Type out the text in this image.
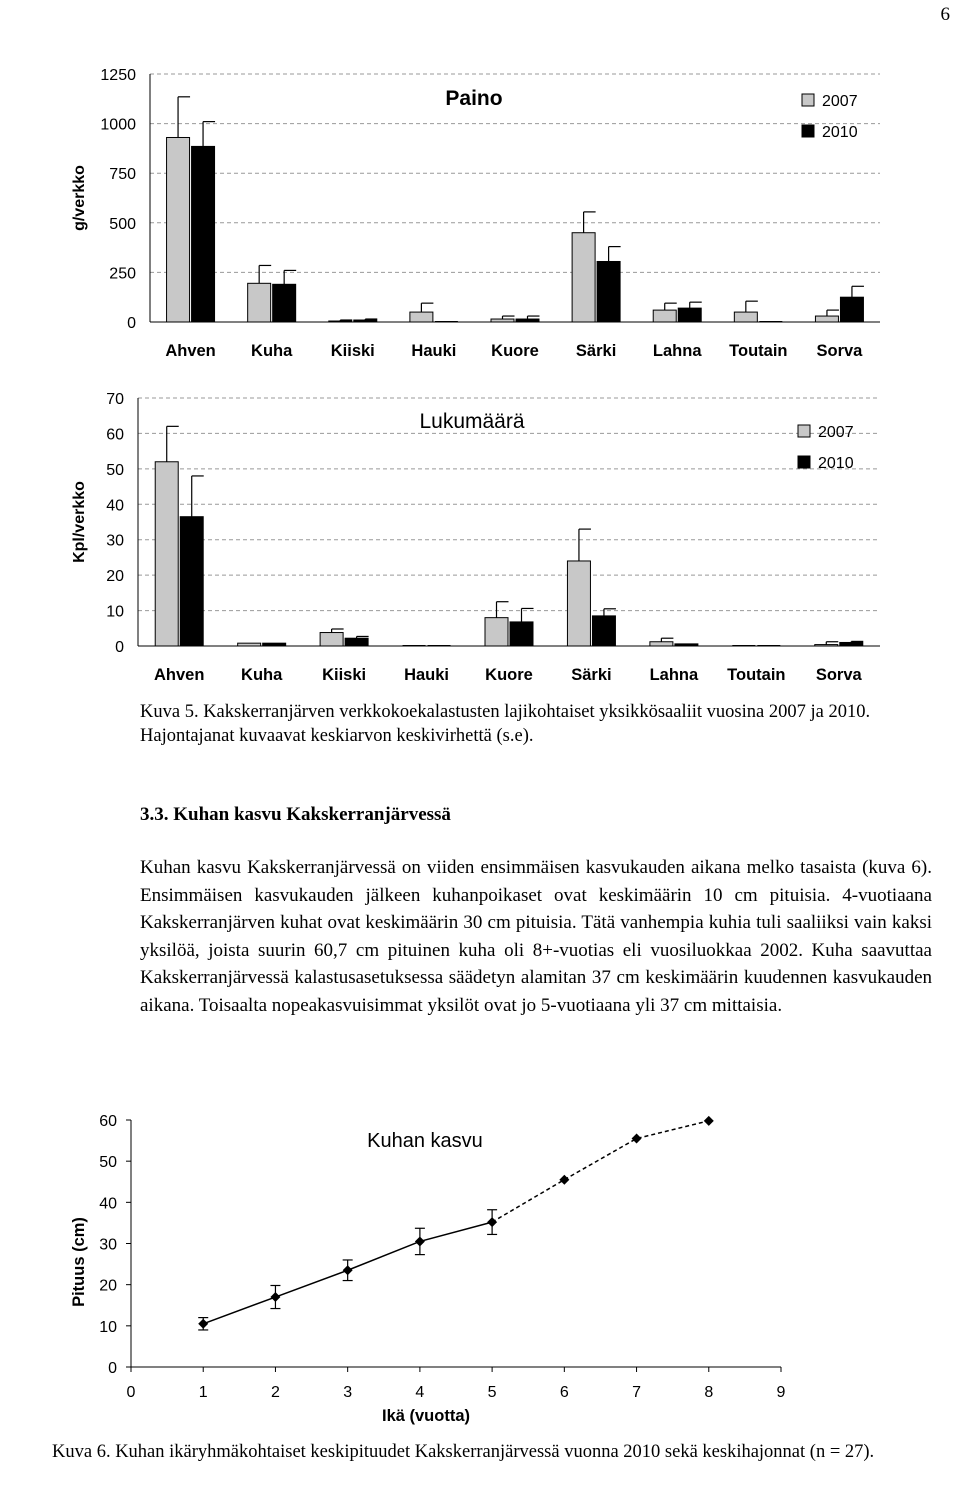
6
0
250
500
750
1000
1250
g/verkko
Paino
Ahven Kuha Kiiski Hauki Kuore Särki Lahna Toutain Sorva
2007
2010
0
10
20
30
40
50
60
70
Kpl/verkko
Lukumäärä
Ahven Kuha Kiiski Hauki Kuore Särki Lahna Toutain Sorva
2007
2010
Kuva 5. Kakskerranjärven verkkokoekalastusten lajikohtaiset yksikkösaaliit vuosina 2007 ja 2010. Hajontajanat kuvaavat keskiarvon keskivirhettä (s.e).
3.3. Kuhan kasvu Kakskerranjärvessä
Kuhan kasvu Kakskerranjärvessä on viiden ensimmäisen kasvukauden aikana melko tasaista (kuva 6). Ensimmäisen kasvukauden jälkeen kuhanpoikaset ovat keskimäärin 10 cm pituisia. 4-vuotiaana Kakskerranjärven kuhat ovat keskimäärin 30 cm pituisia. Tätä vanhempia kuhia tuli saaliiksi vain kaksi yksilöä, joista suurin 60,7 cm pituinen kuha oli 8+-vuotias eli vuosiluokkaa 2002. Kuha saavuttaa Kakskerranjärvessä kalastusasetuksessa säädetyn alamitan 37 cm keskimäärin kuudennen kasvukauden aikana. Toisaalta nopeakasvuisimmat yksilöt ovat jo 5-vuotiaana yli 37 cm mittaisia.
0
10
20
30
40
50
60
0	1	2	3	4	5	6	7	8	9
Ikä (vuotta)
Pituus (cm)
Kuhan kasvu
Kuva 6. Kuhan ikäryhmäkohtaiset keskipituudet Kakskerranjärvessä vuonna 2010 sekä keskihajonnat (n = 27).
